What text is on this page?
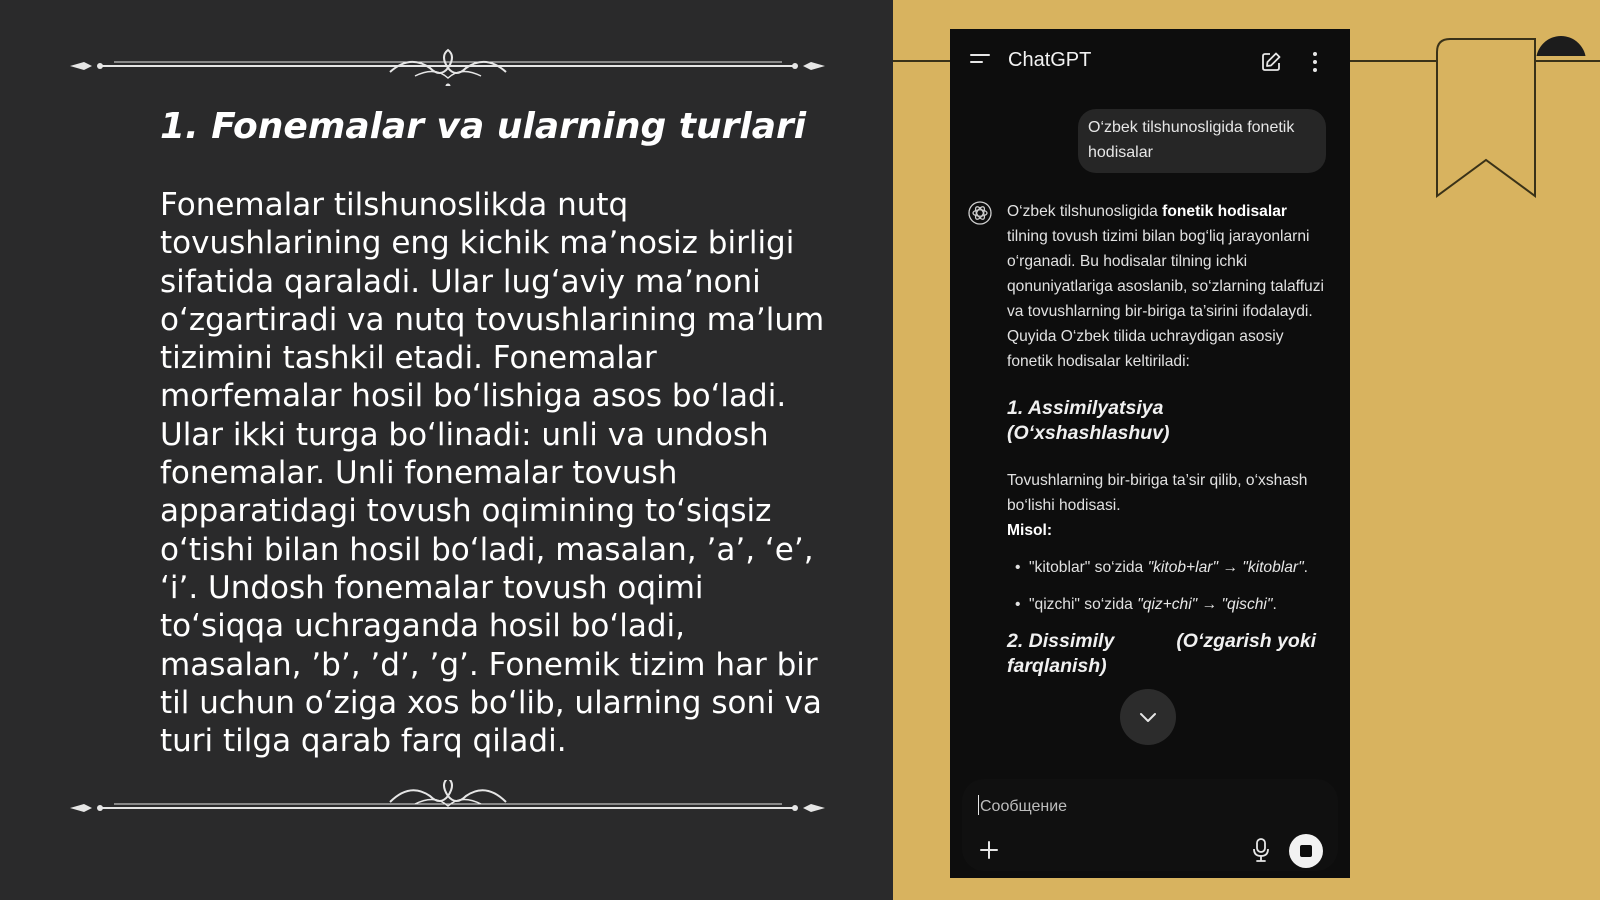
1. Fonemalar va ularning turlari

Fonemalar tilshunoslikda nutq tovushlarining eng kichik ma’nosiz birligi sifatida qaraladi. Ular lug‘aviy ma’noni o‘zgartiradi va nutq tovushlarining ma’lum tizimini tashkil etadi. Fonemalar morfemalar hosil bo‘lishiga asos bo‘ladi. Ular ikki turga bo‘linadi: unli va undosh fonemalar. Unli fonemalar tovush apparatidagi tovush oqimining to‘siqsiz o‘tishi bilan hosil bo‘ladi, masalan, ’a’, ‘e’, ‘i’. Undosh fonemalar tovush oqimi to‘siqqa uchraganda hosil bo‘ladi, masalan, ’b’, ’d’, ’g’. Fonemik tizim har bir til uchun o‘ziga xos bo‘lib, ularning soni va turi tilga qarab farq qiladi.

ChatGPT
O‘zbek tilshunosligida fonetik hodisalar

O‘zbek tilshunosligida fonetik hodisalar tilning tovush tizimi bilan bog‘liq jarayonlarni o‘rganadi. Bu hodisalar tilning ichki qonuniyatlariga asoslanib, so‘zlarning talaffuzi va tovushlarning bir-biriga ta’sirini ifodalaydi. Quyida O‘zbek tilida uchraydigan asosiy fonetik hodisalar keltiriladi:

1. Assimilyatsiya (O‘xshashlashuv)

Tovushlarning bir-biriga ta’sir qilib, o‘xshash bo‘lishi hodisasi.

Misol:

• "kitoblar" so‘zida "kitob+lar" → "kitoblar".
• "qizchi" so‘zida "qiz+chi" → "qischi".

2. Dissimily	(O‘zgarish yoki farqlanish)

Сообщение
